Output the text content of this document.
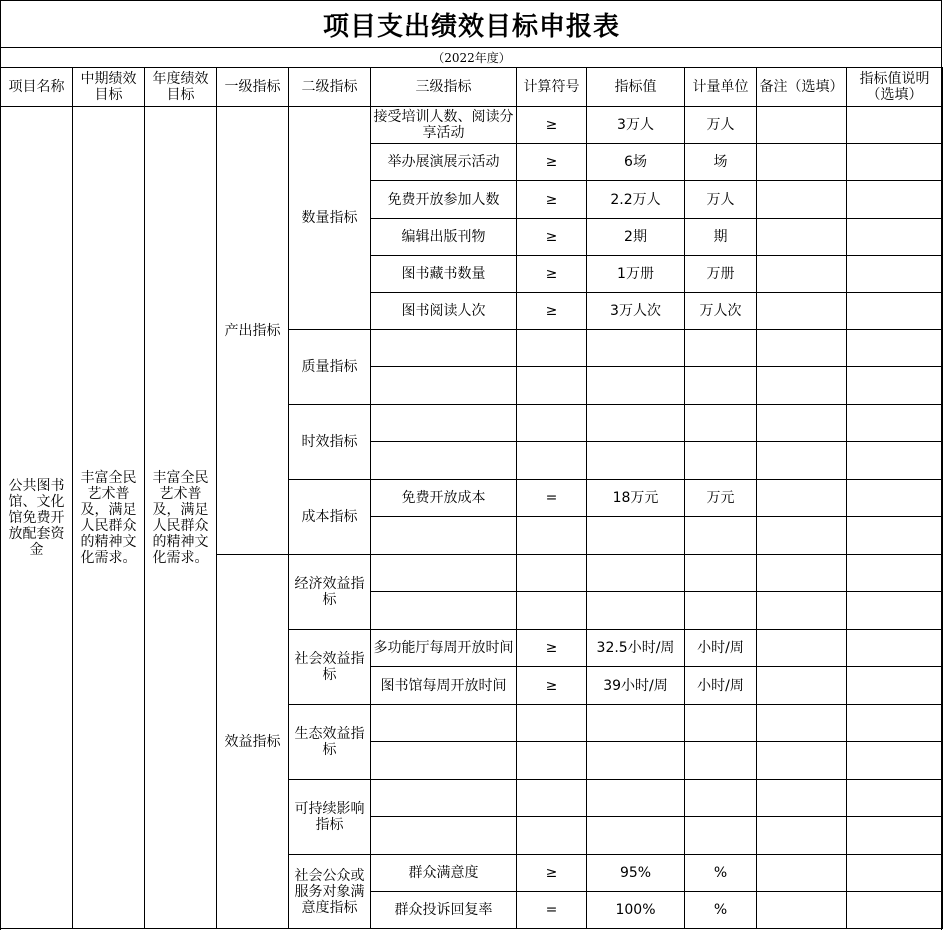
项目支出绩效目标申报表
（2022年度）
项目名称	中期绩效目标	年度绩效目标	一级指标	二级指标	三级指标	计算符号	指标值	计量单位	备注（选填）	指标值说明（选填）
公共图书馆、文化馆免费开放配套资金	丰富全民艺术普及，满足人民群众的精神文化需求。	丰富全民艺术普及，满足人民群众的精神文化需求。	产出指标	数量指标	接受培训人数、阅读分享活动	≥	3万人	万人		
					举办展演展示活动	≥	6场	场		
					免费开放参加人数	≥	2.2万人	万人		
					编辑出版刊物	≥	2期	期		
					图书藏书数量	≥	1万册	万册		
					图书阅读人次	≥	3万人次	万人次		
				质量指标						

				时效指标						

				成本指标	免费开放成本	=	18万元	万元		

			效益指标	经济效益指标						

				社会效益指标	多功能厅每周开放时间	≥	32.5小时/周	小时/周		
					图书馆每周开放时间	≥	39小时/周	小时/周		
				生态效益指标						

				可持续影响指标						

				社会公众或服务对象满意度指标	群众满意度	≥	95%	%		
					群众投诉回复率	=	100%	%		
